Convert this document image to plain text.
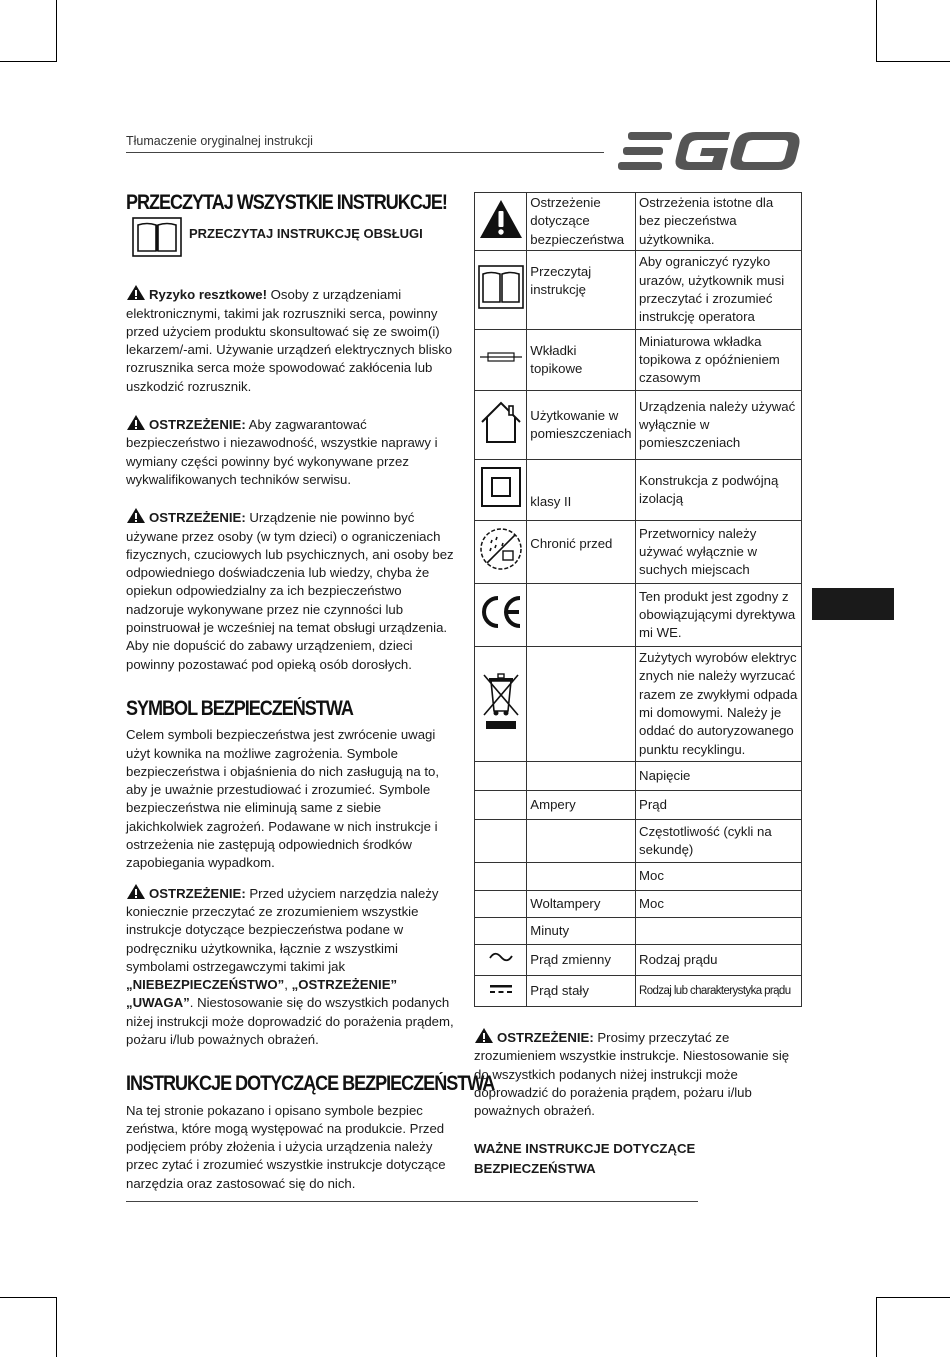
Tłumaczenie oryginalnej instrukcji
PRZECZYTAJ WSZYSTKIE INSTRUKCJE!
PRZECZYTAJ INSTRUKCJĘ OBSŁUGI

Ryzyko resztkowe! Osoby z urządzeniami elektronicznymi, takimi jak rozruszniki serca, powinny przed użyciem produktu skonsultować się ze swoim(i) lekarzem/-ami. Używanie urządzeń elektrycznych blisko rozrusznika serca może spowodować zakłócenia lub uszkodzić rozrusznik.

OSTRZEŻENIE: Aby zagwarantować bezpieczeństwo i niezawodność, wszystkie naprawy i wymiany części powinny być wykonywane przez wykwalifikowanych techników serwisu.

OSTRZEŻENIE: Urządzenie nie powinno być używane przez osoby (w tym dzieci) o ograniczeniach fizycznych, czuciowych lub psychicznych, ani osoby bez odpowiedniego doświadczenia lub wiedzy, chyba że opiekun odpowiedzialny za ich bezpieczeństwo nadzoruje wykonywane przez nie czynności lub poinstruował je wcześniej na temat obsługi urządzenia. Aby nie dopuścić do zabawy urządzeniem, dzieci powinny pozostawać pod opieką osób dorosłych.

SYMBOL BEZPIECZEŃSTWA

Celem symboli bezpieczeństwa jest zwrócenie uwagi użyt kownika na możliwe zagrożenia. Symbole bezpieczeństwa i objaśnienia do nich zasługują na to, aby je uważnie przestudiować i zrozumieć. Symbole bezpieczeństwa nie eliminują same z siebie jakichkolwiek zagrożeń. Podawane w nich instrukcje i ostrzeżenia nie zastępują odpowiednich środków zapobiegania wypadkom.

OSTRZEŻENIE: Przed użyciem narzędzia należy koniecznie przeczytać ze zrozumieniem wszystkie instrukcje dotyczące bezpieczeństwa podane w podręczniku użytkownika, łącznie z wszystkimi symbolami ostrzegawczymi takimi jak „NIEBEZPIECZEŃSTWO”, „OSTRZEŻENIE” „UWAGA”. Niestosowanie się do wszystkich podanych niżej instrukcji może doprowadzić do porażenia prądem, pożaru i/lub poważnych obrażeń.

INSTRUKCJE DOTYCZĄCE BEZPIECZEŃSTWA

Na tej stronie pokazano i opisano symbole bezpiec zeństwa, które mogą występować na produkcie. Przed podjęciem próby złożenia i użycia urządzenia należy przec zytać i zrozumieć wszystkie instrukcje dotyczące narzędzia oraz zastosować się do nich.

	Ostrzeżenie dotyczące bezpieczeństwa	Ostrzeżenia istotne dla bez pieczeństwa użytkownika.
	Przeczytaj instrukcję	Aby ograniczyć ryzyko urazów, użytkownik musi przeczytać i zrozumieć instrukcję operatora
	Wkładki topikowe	Miniaturowa wkładka topikowa z opóźnieniem czasowym
	Użytkowanie w pomieszczeniach	Urządzenia należy używać wyłącznie w pomieszczeniach
	klasy II	Konstrukcja z podwójną izolacją
	Chronić przed	Przetwornicy należy używać wyłącznie w suchych miejscach
		Ten produkt jest zgodny z obowiązującymi dyrektywa mi WE.
		Zużytych wyrobów elektryc znych nie należy wyrzucać razem ze zwykłymi odpada mi domowymi. Należy je oddać do autoryzowanego punktu recyklingu.
		Napięcie
	Ampery	Prąd
		Częstotliwość (cykli na sekundę)
		Moc
	Woltampery	Moc
	Minuty	
	Prąd zmienny	Rodzaj prądu
	Prąd stały	Rodzaj lub charakterystyka prądu

OSTRZEŻENIE: Prosimy przeczytać ze zrozumieniem wszystkie instrukcje. Niestosowanie się do wszystkich podanych niżej instrukcji może doprowadzić do porażenia prądem, pożaru i/lub poważnych obrażeń.

WAŻNE INSTRUKCJE DOTYCZĄCE BEZPIECZEŃSTWA
